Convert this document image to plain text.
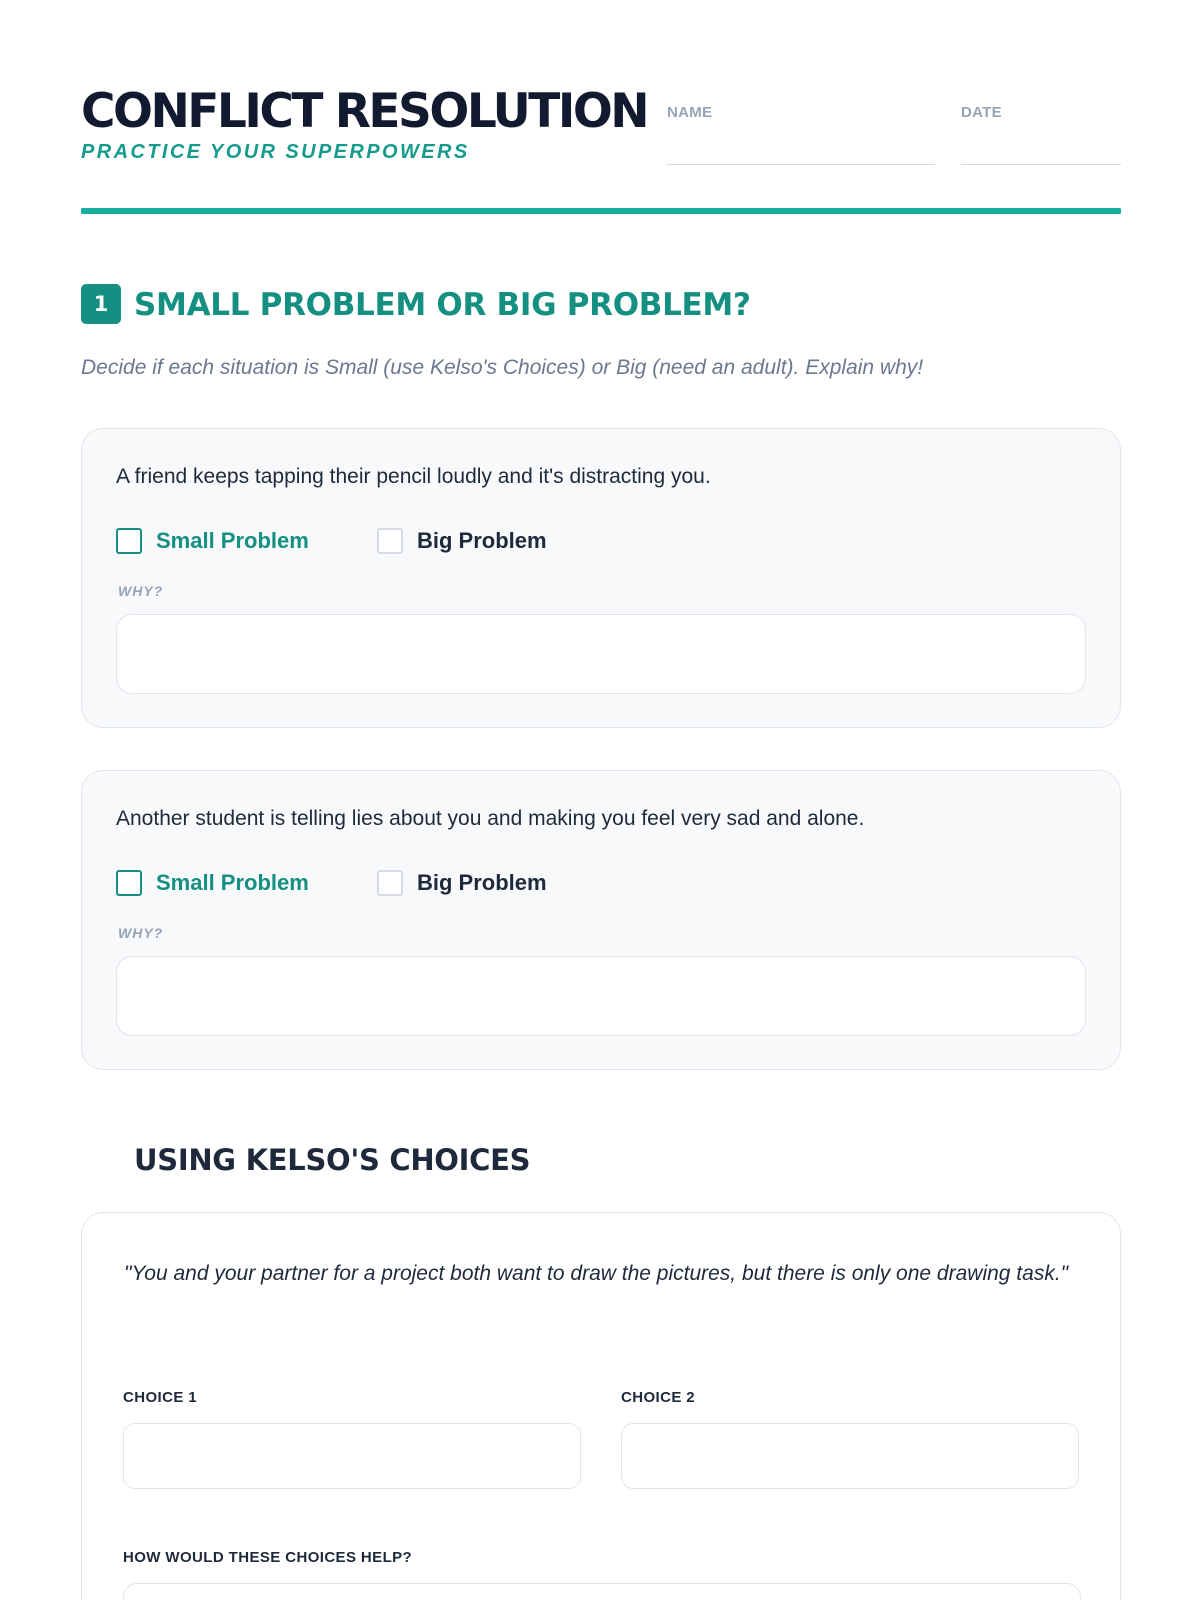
CONFLICT RESOLUTION
PRACTICE YOUR SUPERPOWERS
NAME	DATE
1 SMALL PROBLEM OR BIG PROBLEM?
Decide if each situation is Small (use Kelso's Choices) or Big (need an adult). Explain why!
A friend keeps tapping their pencil loudly and it's distracting you.
Small Problem	Big Problem
WHY?
Another student is telling lies about you and making you feel very sad and alone.
Small Problem	Big Problem
WHY?
USING KELSO'S CHOICES
"You and your partner for a project both want to draw the pictures, but there is only one drawing task."
CHOICE 1	CHOICE 2
HOW WOULD THESE CHOICES HELP?
